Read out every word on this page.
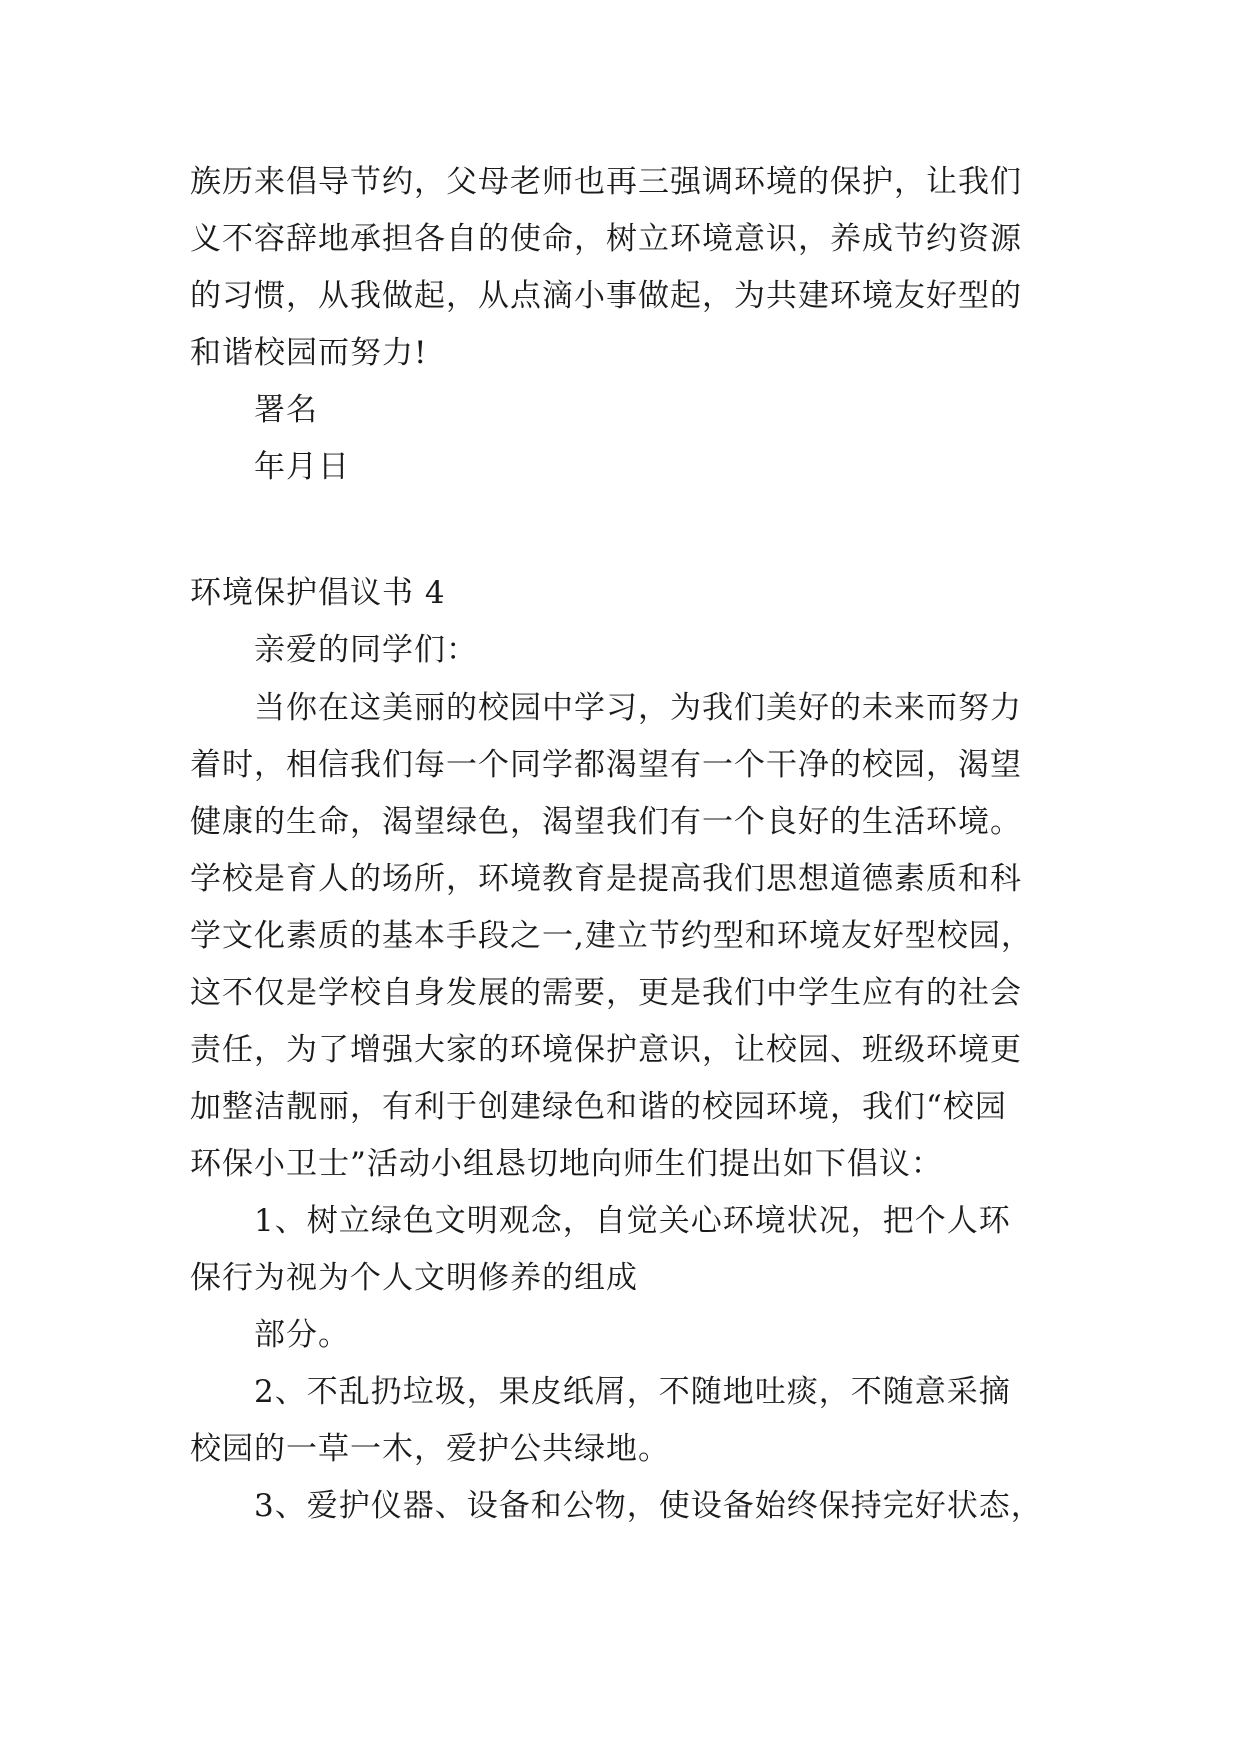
族历来倡导节约，父母老师也再三强调环境的保护，让我们
义不容辞地承担各自的使命，树立环境意识，养成节约资源
的习惯，从我做起，从点滴小事做起，为共建环境友好型的
和谐校园而努力!
署名
年月日
环境保护倡议书 4
亲爱的同学们：
当你在这美丽的校园中学习，为我们美好的未来而努力
着时，相信我们每一个同学都渴望有一个干净的校园，渴望
健康的生命，渴望绿色，渴望我们有一个良好的生活环境。
学校是育人的场所，环境教育是提高我们思想道德素质和科
学文化素质的基本手段之一,建立节约型和环境友好型校园，
这不仅是学校自身发展的需要，更是我们中学生应有的社会
责任，为了增强大家的环境保护意识，让校园、班级环境更
加整洁靓丽，有利于创建绿色和谐的校园环境，我们“校园
环保小卫士”活动小组恳切地向师生们提出如下倡议：
1、树立绿色文明观念，自觉关心环境状况，把个人环
保行为视为个人文明修养的组成
部分。
2、不乱扔垃圾，果皮纸屑，不随地吐痰，不随意采摘
校园的一草一木，爱护公共绿地。
3、爱护仪器、设备和公物，使设备始终保持完好状态，
